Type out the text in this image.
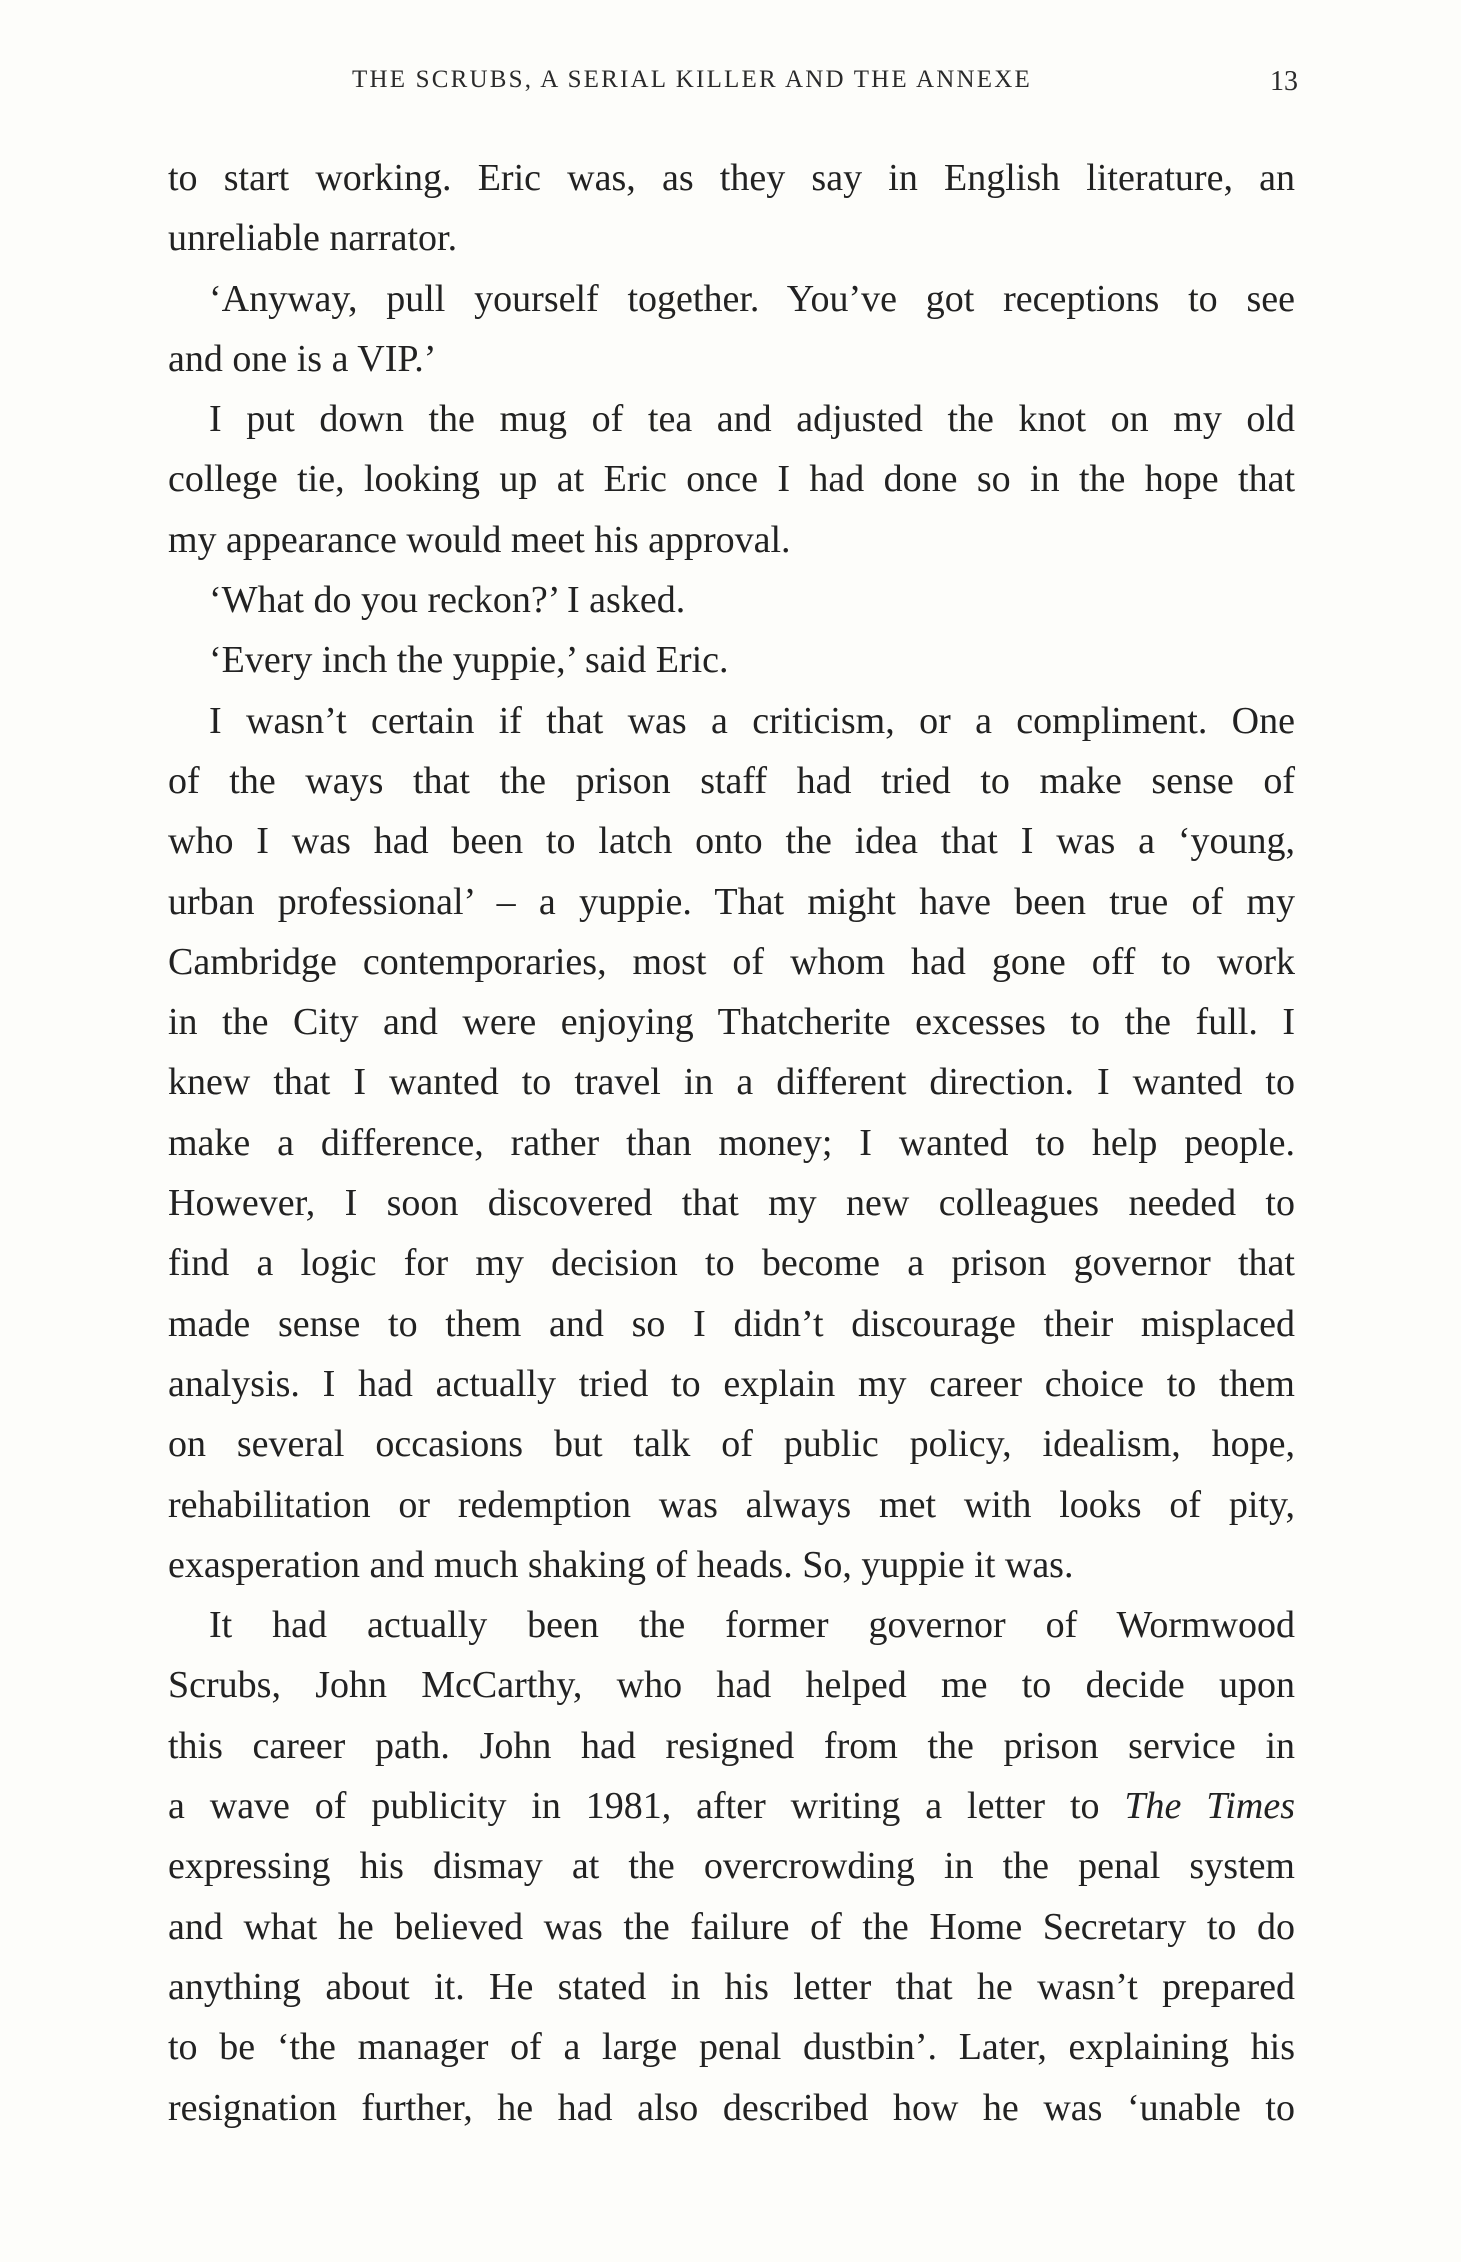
THE SCRUBS, A SERIAL KILLER AND THE ANNEXE	13
to start working. Eric was, as they say in English literature, an
unreliable narrator.
‘Anyway, pull yourself together. You’ve got receptions to see
and one is a VIP.’
I put down the mug of tea and adjusted the knot on my old
college tie, looking up at Eric once I had done so in the hope that
my appearance would meet his approval.
‘What do you reckon?’ I asked.
‘Every inch the yuppie,’ said Eric.
I wasn’t certain if that was a criticism, or a compliment. One
of the ways that the prison staff had tried to make sense of
who I was had been to latch onto the idea that I was a ‘young,
urban professional’ – a yuppie. That might have been true of my
Cambridge contemporaries, most of whom had gone off to work
in the City and were enjoying Thatcherite excesses to the full. I
knew that I wanted to travel in a different direction. I wanted to
make a difference, rather than money; I wanted to help people.
However, I soon discovered that my new colleagues needed to
find a logic for my decision to become a prison governor that
made sense to them and so I didn’t discourage their misplaced
analysis. I had actually tried to explain my career choice to them
on several occasions but talk of public policy, idealism, hope,
rehabilitation or redemption was always met with looks of pity,
exasperation and much shaking of heads. So, yuppie it was.
It had actually been the former governor of Wormwood
Scrubs, John McCarthy, who had helped me to decide upon
this career path. John had resigned from the prison service in
a wave of publicity in 1981, after writing a letter to The Times
expressing his dismay at the overcrowding in the penal system
and what he believed was the failure of the Home Secretary to do
anything about it. He stated in his letter that he wasn’t prepared
to be ‘the manager of a large penal dustbin’. Later, explaining his
resignation further, he had also described how he was ‘unable to
